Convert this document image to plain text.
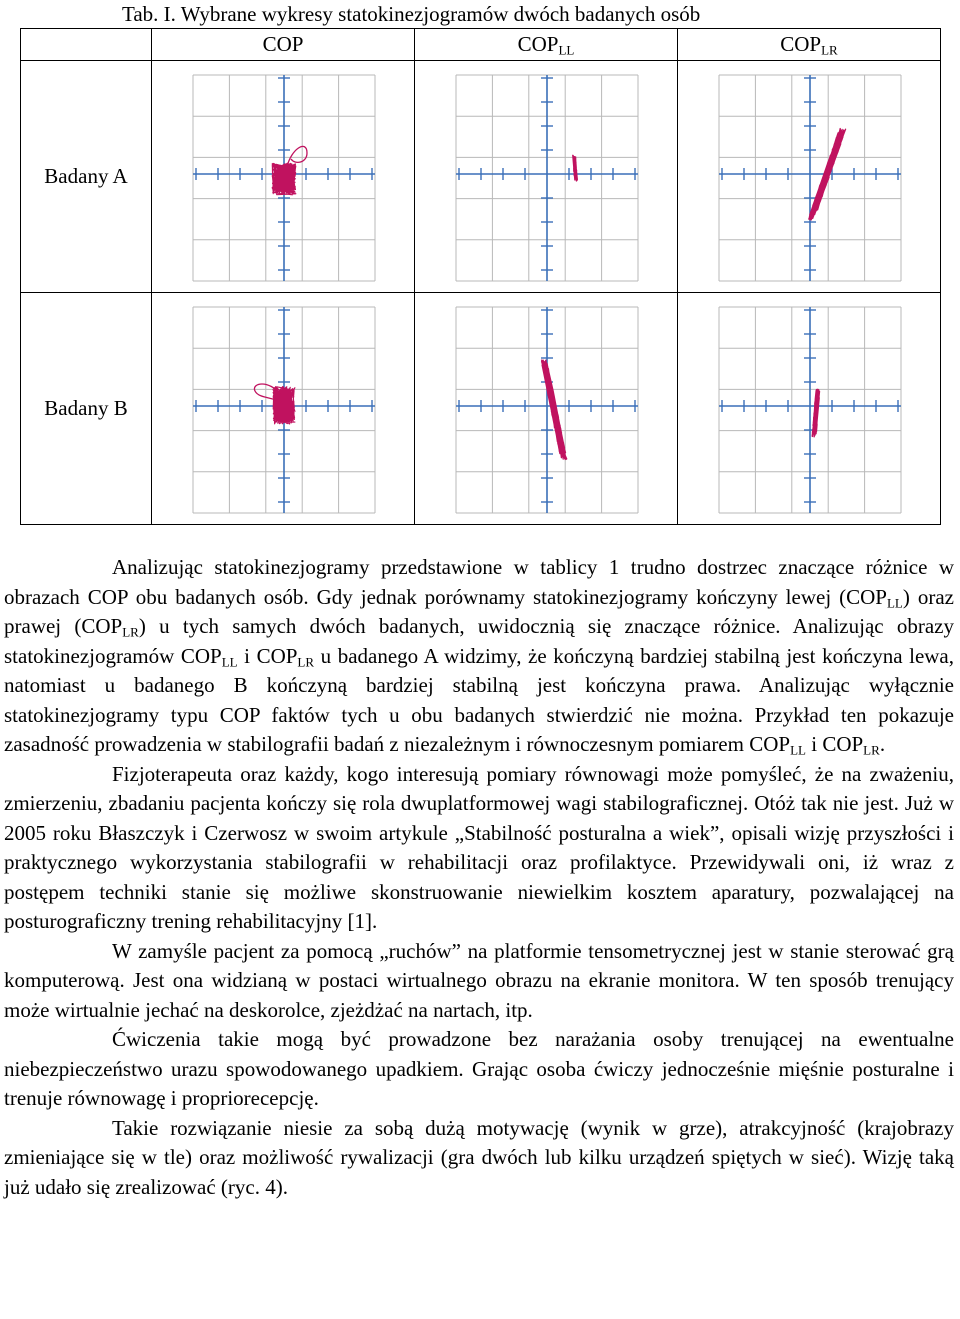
Tab. I. Wybrane wykresy statokinezjogramów dwóch badanych osób
	COP	$COP_{LL}$	$COP_{LR}$
Badany A	

Badany B	

Analizując statokinezjogramy przedstawione w tablicy 1 trudno dostrzec znaczące różnice w obrazach COP obu badanych osób. Gdy jednak porównamy statokinezjogramy kończyny lewej $(COP_{LL})$ oraz prawej $(COP_{LR})$ u tych samych dwóch badanych, uwidocznią się znaczące różnice. Analizując obrazy statokinezjogramów $COP_{LL}$ i $COP_{LR}$ u badanego A widzimy, że kończyną bardziej stabilną jest kończyna lewa, natomiast u badanego B kończyną bardziej stabilną jest kończyna prawa. Analizując wyłącznie statokinezjogramy typu COP faktów tych u obu badanych stwierdzić nie można. Przykład ten pokazuje zasadność prowadzenia w stabilografii badań z niezależnym i równoczesnym pomiarem $COP_{LL}$ i $COP_{LR}$.

Fizjoterapeuta oraz każdy, kogo interesują pomiary równowagi może pomyśleć, że na zważeniu, zmierzeniu, zbadaniu pacjenta kończy się rola dwuplatformowej wagi stabilograficznej. Otóż tak nie jest. Już w 2005 roku Błaszczyk i Czerwosz w swoim artykule „Stabilność posturalna a wiek”, opisali wizję przyszłości i praktycznego wykorzystania stabilografii w rehabilitacji oraz profilaktyce. Przewidywali oni, iż wraz z postępem techniki stanie się możliwe skonstruowanie niewielkim kosztem aparatury, pozwalającej na posturograficzny trening rehabilitacyjny [1].

W zamyśle pacjent za pomocą „ruchów” na platformie tensometrycznej jest w stanie sterować grą komputerową. Jest ona widzianą w postaci wirtualnego obrazu na ekranie monitora. W ten sposób trenujący może wirtualnie jechać na deskorolce, zjeżdżać na nartach, itp.

Ćwiczenia takie mogą być prowadzone bez narażania osoby trenującej na ewentualne niebezpieczeństwo urazu spowodowanego upadkiem. Grając osoba ćwiczy jednocześnie mięśnie posturalne i trenuje równowagę i propriorecepcję.

Takie rozwiązanie niesie za sobą dużą motywację (wynik w grze), atrakcyjność (krajobrazy zmieniające się w tle) oraz możliwość rywalizacji (gra dwóch lub kilku urządzeń spiętych w sieć). Wizję taką już udało się zrealizować (ryc. 4).
